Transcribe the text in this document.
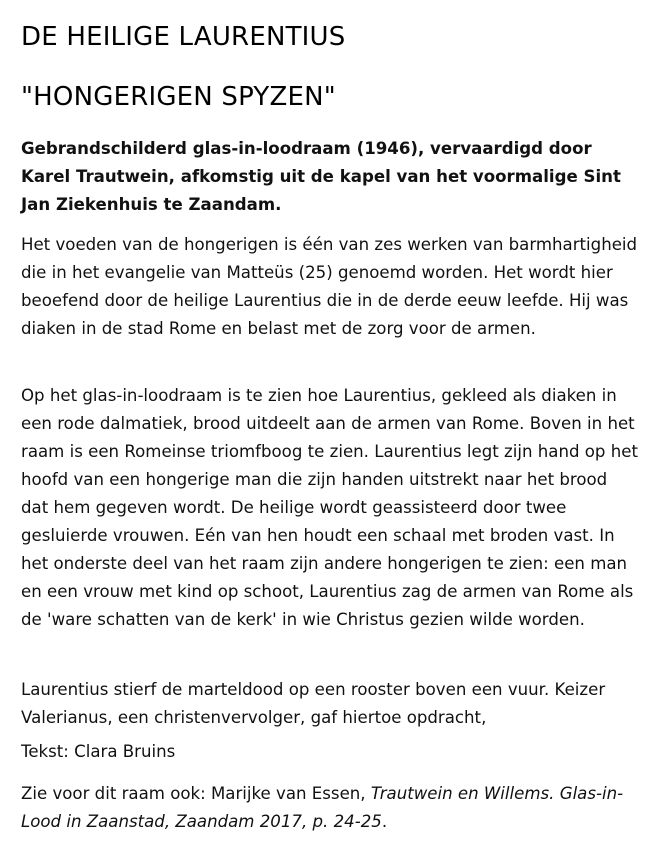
DE HEILIGE LAURENTIUS
"HONGERIGEN SPYZEN"

Gebrandschilderd glas-in-loodraam (1946), vervaardigd door Karel Trautwein, afkomstig uit de kapel van het voormalige Sint Jan Ziekenhuis te Zaandam.

Het voeden van de hongerigen is één van zes werken van barmhartigheid die in het evangelie van Matteüs (25) genoemd worden. Het wordt hier beoefend door de heilige Laurentius die in de derde eeuw leefde. Hij was diaken in de stad Rome en belast met de zorg voor de armen.

Op het glas-in-loodraam is te zien hoe Laurentius, gekleed als diaken in een rode dalmatiek, brood uitdeelt aan de armen van Rome. Boven in het raam is een Romeinse triomfboog te zien. Laurentius legt zijn hand op het hoofd van een hongerige man die zijn handen uitstrekt naar het brood dat hem gegeven wordt. De heilige wordt geassisteerd door twee gesluierde vrouwen. Eén van hen houdt een schaal met broden vast. In het onderste deel van het raam zijn andere hongerigen te zien: een man en een vrouw met kind op schoot, Laurentius zag de armen van Rome als de 'ware schatten van de kerk' in wie Christus gezien wilde worden.

Laurentius stierf de marteldood op een rooster boven een vuur. Keizer Valerianus, een christenvervolger, gaf hiertoe opdracht,

Tekst: Clara Bruins

Zie voor dit raam ook: Marijke van Essen, Trautwein en Willems. Glas-in-Lood in Zaanstad, Zaandam 2017, p. 24-25.
